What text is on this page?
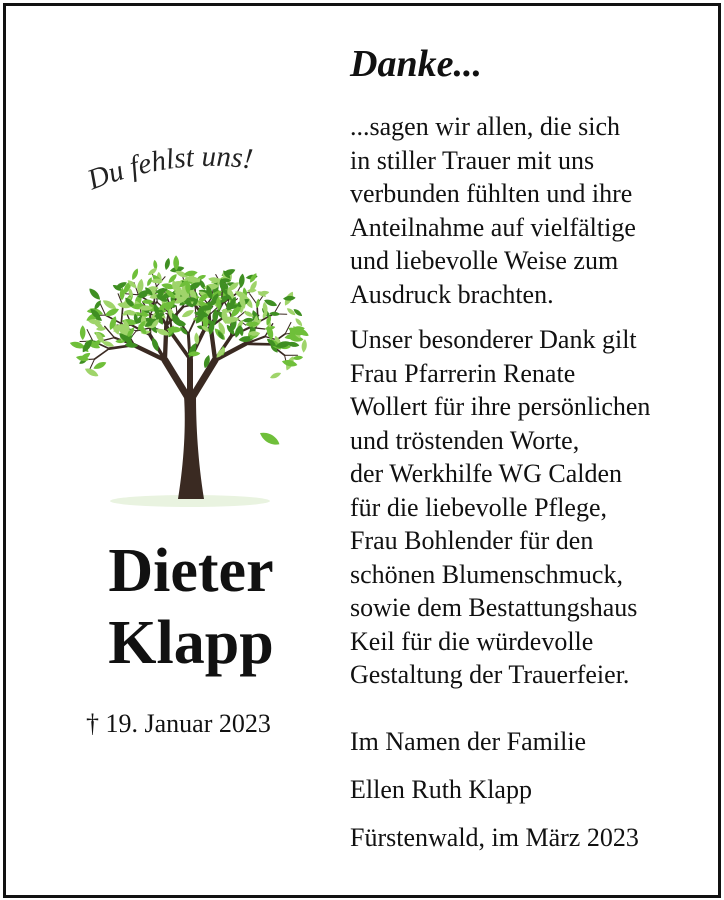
Du fehlst uns!
Dieter
Klapp
† 19. Januar 2023
Danke...
...sagen wir allen, die sich
in stiller Trauer mit uns
verbunden fühlten und ihre
Anteilnahme auf vielfältige
und liebevolle Weise zum
Ausdruck brachten.
Unser besonderer Dank gilt
Frau Pfarrerin Renate
Wollert für ihre persönlichen
und tröstenden Worte,
der Werkhilfe WG Calden
für die liebevolle Pflege,
Frau Bohlender für den
schönen Blumenschmuck,
sowie dem Bestattungshaus
Keil für die würdevolle
Gestaltung der Trauerfeier.
Im Namen der Familie
Ellen Ruth Klapp
Fürstenwald, im März 2023
